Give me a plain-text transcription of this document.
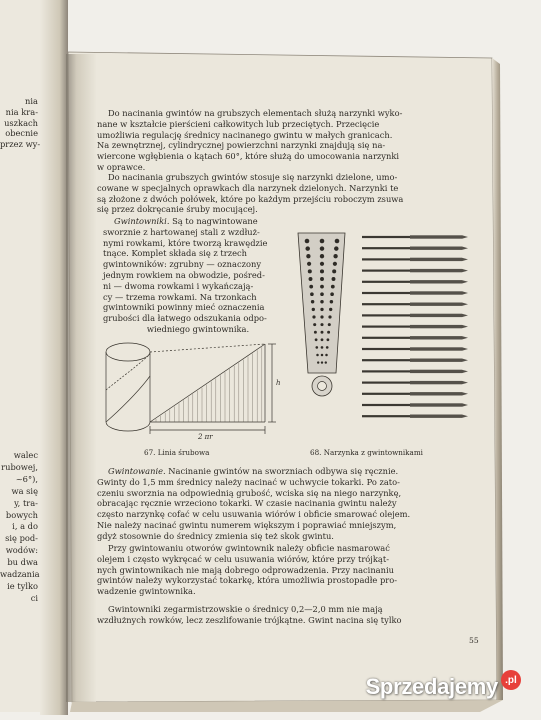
nia
nia kra-
uszkach
obecnie
przez wy-
walec
rubowej,
~6°),
wa się
y, tra-
bowych
i, a do
się pod-
wodów:
bu dwa
wadzania
ie tylko
ci

Do nacinania gwintów na grubszych elementach służą narzynki wyko-

nane w kształcie pierścieni całkowitych lub przeciętych. Przecięcie

umożliwia regulację średnicy nacinanego gwintu w małych granicach.

Na zewnętrznej, cylindrycznej powierzchni narzynki znajdują się na-

wiercone wgłębienia o kątach 60°, które służą do umocowania narzynki

w oprawce.

Do nacinania grubszych gwintów stosuje się narzynki dzielone, umo-

cowane w specjalnych oprawkach dla narzynek dzielonych. Narzynki te

są złożone z dwóch połówek, które po każdym przejściu roboczym zsuwa

się przez dokręcanie śruby mocującej.

Gwintowniki. Są to nagwintowane

sworznie z hartowanej stali z wzdłuż-

nymi rowkami, które tworzą krawędzie

tnące. Komplet składa się z trzech

gwintowników: zgrubny — oznaczony

jednym rowkiem na obwodzie, pośred-

ni — dwoma rowkami i wykańczają-

cy — trzema rowkami. Na trzonkach

gwintowniki powinny mieć oznaczenia

grubości dla łatwego odszukania odpo-

wiedniego gwintownika.

2 πr
h
67. Linia śrubowa	68. Narzynka z gwintownikami

Gwintowanie. Nacinanie gwintów na sworzniach odbywa się ręcznie.

Gwinty do 1,5 mm średnicy należy nacinać w uchwycie tokarki. Po zato-

czeniu sworznia na odpowiednią grubość, wciska się na niego narzynkę,

obracając ręcznie wrzeciono tokarki. W czasie nacinania gwintu należy

często narzynkę cofać w celu usuwania wiórów i obficie smarować olejem.

Nie należy nacinać gwintu numerem większym i poprawiać mniejszym,

gdyż stosownie do średnicy zmienia się też skok gwintu.

Przy gwintowaniu otworów gwintownik należy obficie nasmarować

olejem i często wykręcać w celu usuwania wiórów, które przy trójkąt-

nych gwintownikach nie mają dobrego odprowadzenia. Przy nacinaniu

gwintów należy wykorzystać tokarkę, która umożliwia prostopadłe pro-

wadzenie gwintownika.

Gwintowniki zegarmistrzowskie o średnicy 0,2—2,0 mm nie mają

wzdłużnych rowków, lecz zeszlifowanie trójkątne. Gwint nacina się tylko

55
Sprzedajemy .pl
